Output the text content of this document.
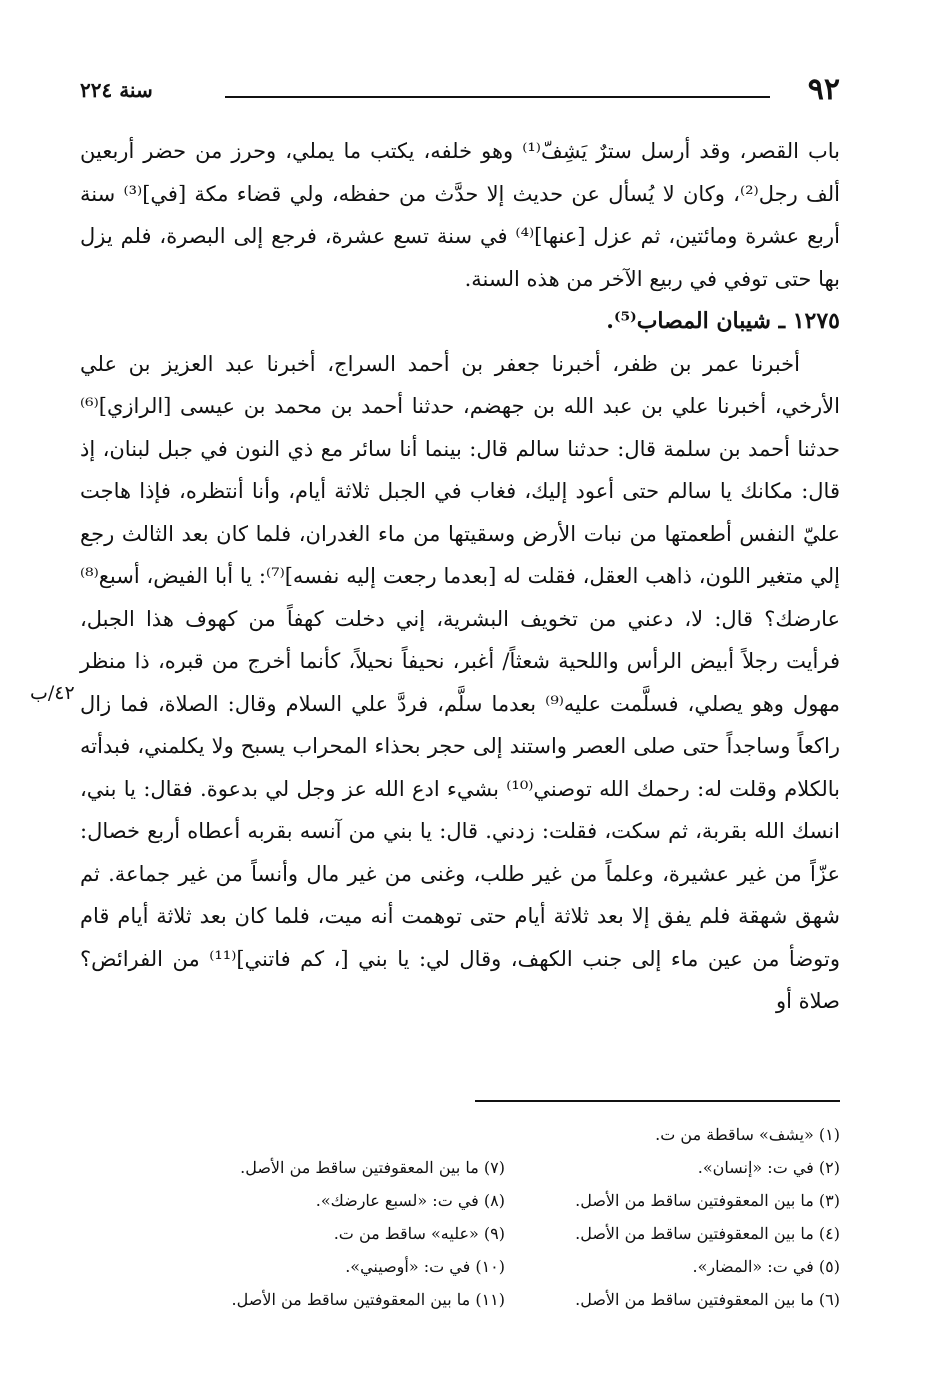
٩٢
سنة ٢٢٤

باب القصر، وقد أرسل سترٌ يَشِفّ⁽¹⁾ وهو خلفه، يكتب ما يملي، وحرز من حضر أربعين ألف رجل⁽²⁾، وكان لا يُسأل عن حديث إلا حدَّث من حفظه، ولي قضاء مكة [في]⁽³⁾ سنة أربع عشرة ومائتين، ثم عزل [عنها]⁽⁴⁾ في سنة تسع عشرة، فرجع إلى البصرة، فلم يزل بها حتى توفي في ربيع الآخر من هذه السنة.

١٢٧٥ ـ شيبان المصاب⁽⁵⁾.

أخبرنا عمر بن ظفر، أخبرنا جعفر بن أحمد السراج، أخبرنا عبد العزيز بن علي الأرخي، أخبرنا علي بن عبد الله بن جهضم، حدثنا أحمد بن محمد بن عيسى [الرازي]⁽⁶⁾ حدثنا أحمد بن سلمة قال: حدثنا سالم قال: بينما أنا سائر مع ذي النون في جبل لبنان، إذ قال: مكانك يا سالم حتى أعود إليك، فغاب في الجبل ثلاثة أيام، وأنا أنتظره، فإذا هاجت عليّ النفس أطعمتها من نبات الأرض وسقيتها من ماء الغدران، فلما كان بعد الثالث رجع إلي متغير اللون، ذاهب العقل، فقلت له [بعدما رجعت إليه نفسه]⁽⁷⁾: يا أبا الفيض، أسبع⁽⁸⁾ عارضك؟ قال: لا، دعني من تخويف البشرية، إني دخلت كهفاً من كهوف هذا الجبل، فرأيت رجلاً أبيض الرأس واللحية شعثاً/ أغبر، نحيفاً نحيلاً، كأنما أخرج من قبره، ذا منظر مهول وهو يصلي، فسلَّمت عليه⁽⁹⁾ بعدما سلَّم، فردَّ علي السلام وقال: الصلاة، فما زال راكعاً وساجداً حتى صلى العصر واستند إلى حجر بحذاء المحراب يسبح ولا يكلمني، فبدأته بالكلام وقلت له: رحمك الله توصني⁽¹⁰⁾ بشيء ادع الله عز وجل لي بدعوة. فقال: يا بني، انسك الله بقربة، ثم سكت، فقلت: زدني. قال: يا بني من آنسه بقربه أعطاه أربع خصال: عزّاً من غير عشيرة، وعلماً من غير طلب، وغنى من غير مال وأنساً من غير جماعة. ثم شهق شهقة فلم يفق إلا بعد ثلاثة أيام حتى توهمت أنه ميت، فلما كان بعد ثلاثة أيام قام وتوضأ من عين ماء إلى جنب الكهف، وقال لي: يا بني [، كم فاتني]⁽¹¹⁾ من الفرائض؟ صلاة أو

٤٢/ب
(١) «يشف» ساقطة من ت.
(٢) في ت: «إنسان».
(٣) ما بين المعقوفتين ساقط من الأصل.
(٤) ما بين المعقوفتين ساقط من الأصل.
(٥) في ت: «المضار».
(٦) ما بين المعقوفتين ساقط من الأصل.
(٧) ما بين المعقوفتين ساقط من الأصل.
(٨) في ت: «لسبع عارضك».
(٩) «عليه» ساقط من ت.
(١٠) في ت: «أوصيني».
(١١) ما بين المعقوفتين ساقط من الأصل.
